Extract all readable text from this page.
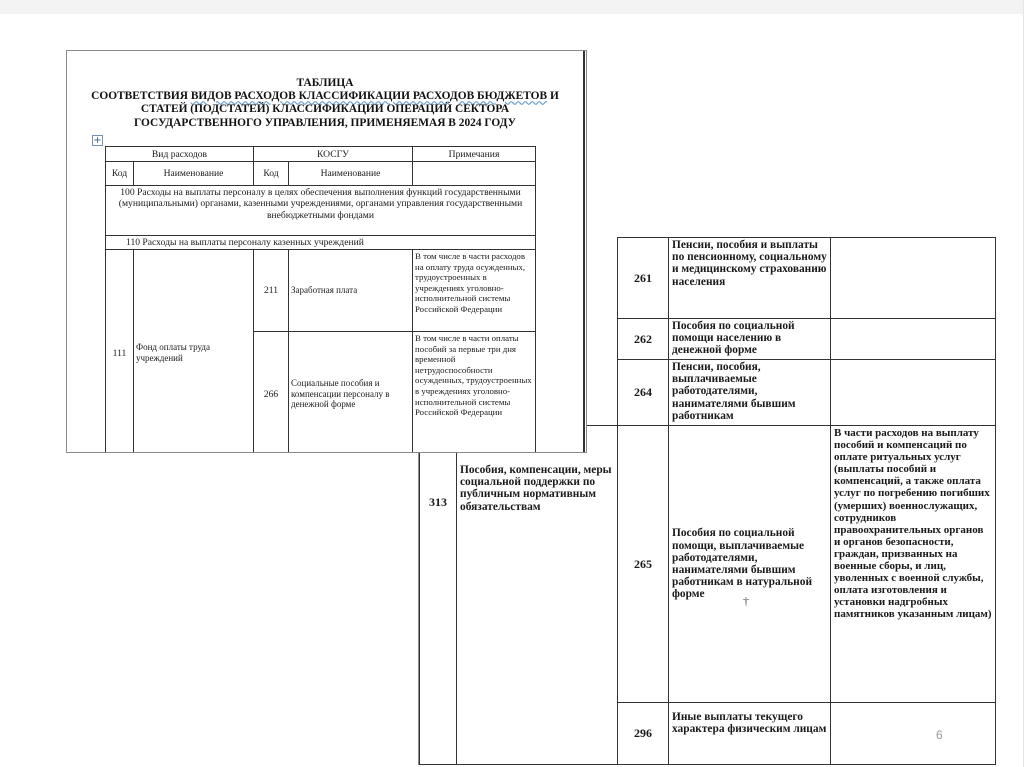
		261	Пенсии, пособия и выплаты по пенсионному, социальному и медицинскому страхованию населения	
		262	Пособия по социальной помощи населению в денежной форме	
		264	Пенсии, пособия, выплачиваемые работодателями, нанимателями бывшим работникам	
313	Пособия, компенсации, меры социальной поддержки по публичным нормативным обязательствам	265	Пособия по социальной помощи, выплачиваемые работодателями, нанимателями бывшим работникам в натуральной форме	В части расходов на выплату пособий и компенсаций по оплате ритуальных услуг (выплаты пособий и компенсаций, а также оплата услуг по погребению погибших (умерших) военнослужащих, сотрудников правоохранительных органов и органов безопасности, граждан, призванных на военные сборы, и лиц, уволенных с военной службы, оплата изготовления и установки надгробных памятников указанным лицам)
		296	Иные выплаты текущего характера физическим лицам	
†
6
ТАБЛИЦА
СООТВЕТСТВИЯ ВИДОВ РАСХОДОВ КЛАССИФИКАЦИИ РАСХОДОВ БЮДЖЕТОВ И
СТАТЕЙ (ПОДСТАТЕЙ) КЛАССИФИКАЦИИ ОПЕРАЦИЙ СЕКТОРА
ГОСУДАРСТВЕННОГО УПРАВЛЕНИЯ, ПРИМЕНЯЕМАЯ В 2024 ГОДУ
+
Вид расходов		КОСГУ		Примечания
Код	Наименование	Код	Наименование	
100 Расходы на выплаты персоналу в целях обеспечения выполнения функций государственными (муниципальными) органами, казенными учреждениями, органами управления государственными внебюджетными фондами				
110 Расходы на выплаты персоналу казенных учреждений				
111	Фонд оплаты труда учреждений	211	Заработная плата	В том числе в части расходов на оплату труда осужденных, трудоустроенных в учреждениях уголовно-исполнительной системы Российской Федерации
		266	Социальные пособия и компенсации персоналу в денежной форме	В том числе в части оплаты пособий за первые три дня временной нетрудоспособности осужденных, трудоустроенных в учреждениях уголовно-исполнительной системы Российской Федерации
